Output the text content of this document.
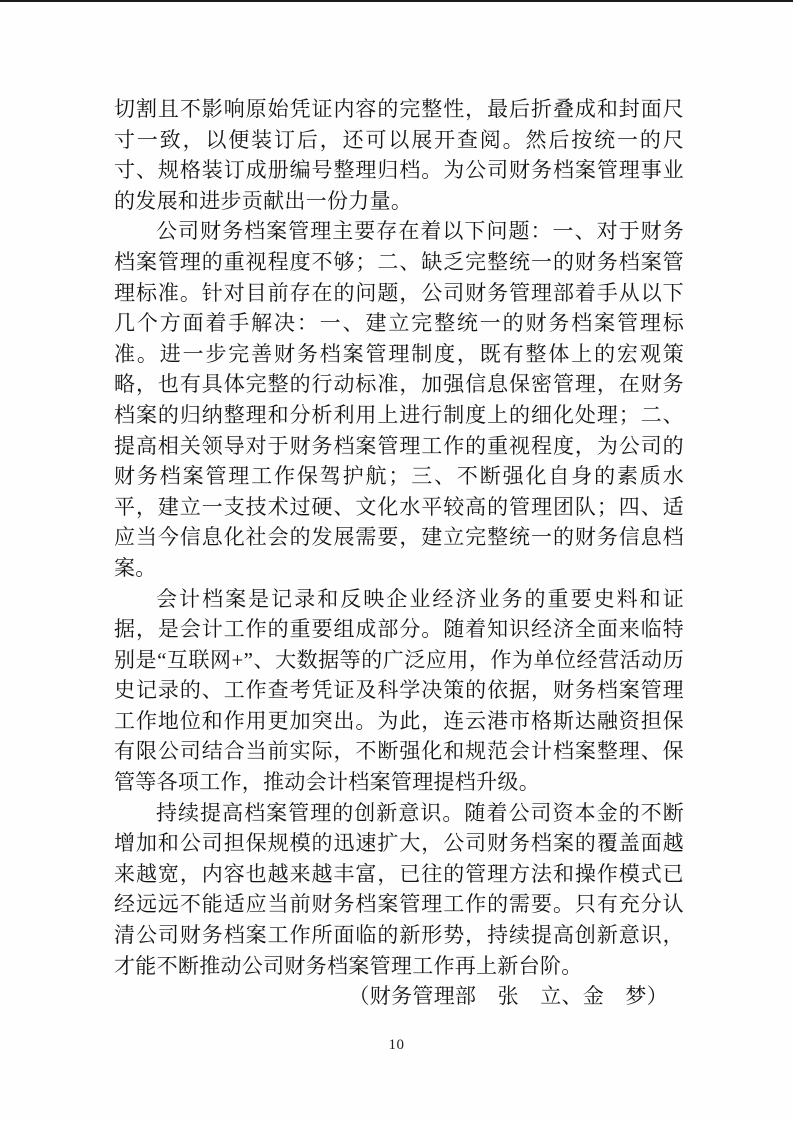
切割且不影响原始凭证内容的完整性，最后折叠成和封面尺寸一致，以便装订后，还可以展开查阅。然后按统一的尺寸、规格装订成册编号整理归档。为公司财务档案管理事业的发展和进步贡献出一份力量。

公司财务档案管理主要存在着以下问题：一、对于财务档案管理的重视程度不够；二、缺乏完整统一的财务档案管理标准。针对目前存在的问题，公司财务管理部着手从以下几个方面着手解决：一、建立完整统一的财务档案管理标准。进一步完善财务档案管理制度，既有整体上的宏观策略，也有具体完整的行动标准，加强信息保密管理，在财务档案的归纳整理和分析利用上进行制度上的细化处理；二、提高相关领导对于财务档案管理工作的重视程度，为公司的财务档案管理工作保驾护航；三、不断强化自身的素质水平，建立一支技术过硬、文化水平较高的管理团队；四、适应当今信息化社会的发展需要，建立完整统一的财务信息档案。

会计档案是记录和反映企业经济业务的重要史料和证据，是会计工作的重要组成部分。随着知识经济全面来临特别是“互联网+”、大数据等的广泛应用，作为单位经营活动历史记录的、工作查考凭证及科学决策的依据，财务档案管理工作地位和作用更加突出。为此，连云港市格斯达融资担保有限公司结合当前实际，不断强化和规范会计档案整理、保管等各项工作，推动会计档案管理提档升级。

持续提高档案管理的创新意识。随着公司资本金的不断增加和公司担保规模的迅速扩大，公司财务档案的覆盖面越来越宽，内容也越来越丰富，已往的管理方法和操作模式已经远远不能适应当前财务档案管理工作的需要。只有充分认清公司财务档案工作所面临的新形势，持续提高创新意识，才能不断推动公司财务档案管理工作再上新台阶。

（财务管理部　张　立、金　梦）

10
